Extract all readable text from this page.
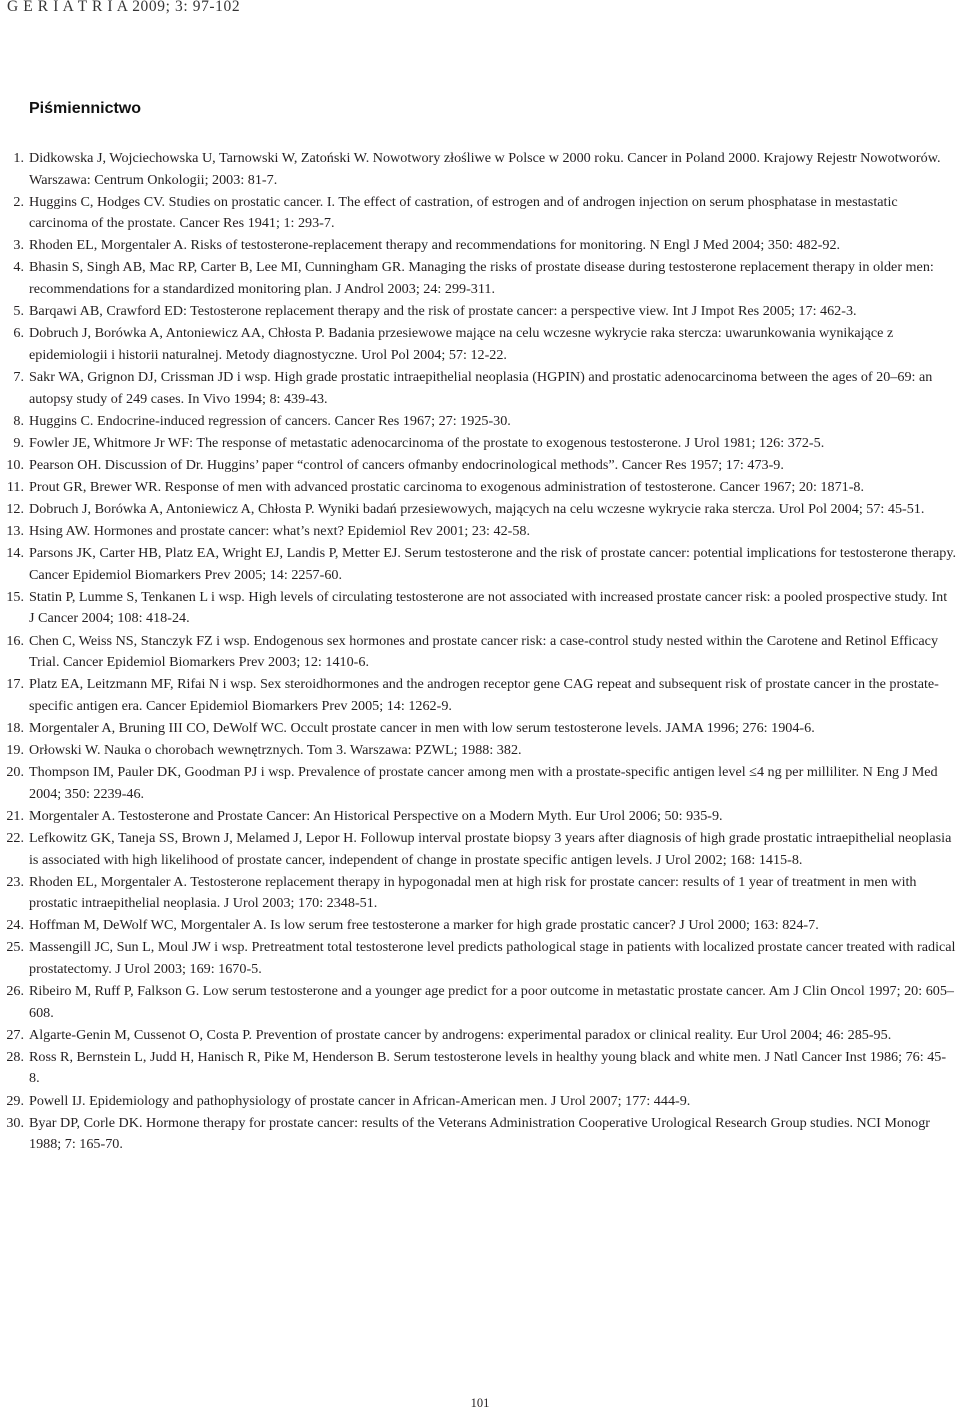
G E R I A T R I A 2009; 3: 97-102
Piśmiennictwo
1. Didkowska J, Wojciechowska U, Tarnowski W, Zatoński W. Nowotwory złośliwe w Polsce w 2000 roku. Cancer in Poland 2000. Krajowy Rejestr Nowotworów. Warszawa: Centrum Onkologii; 2003: 81-7.
2. Huggins C, Hodges CV. Studies on prostatic cancer. I. The effect of castration, of estrogen and of androgen injection on serum phosphatase in mestastatic carcinoma of the prostate. Cancer Res 1941; 1: 293-7.
3. Rhoden EL, Morgentaler A. Risks of testosterone-replacement therapy and recommendations for monitoring. N Engl J Med 2004; 350: 482-92.
4. Bhasin S, Singh AB, Mac RP, Carter B, Lee MI, Cunningham GR. Managing the risks of prostate disease during testosterone replacement therapy in older men: recommendations for a standardized monitoring plan. J Androl 2003; 24: 299-311.
5. Barqawi AB, Crawford ED: Testosterone replacement therapy and the risk of prostate cancer: a perspective view. Int J Impot Res 2005; 17: 462-3.
6. Dobruch J, Borówka A, Antoniewicz AA, Chłosta P. Badania przesiewowe mające na celu wczesne wykrycie raka stercza: uwarunkowania wynikające z epidemiologii i historii naturalnej. Metody diagnostyczne. Urol Pol 2004; 57: 12-22.
7. Sakr WA, Grignon DJ, Crissman JD i wsp. High grade prostatic intraepithelial neoplasia (HGPIN) and prostatic adenocarcinoma between the ages of 20–69: an autopsy study of 249 cases. In Vivo 1994; 8: 439-43.
8. Huggins C. Endocrine-induced regression of cancers. Cancer Res 1967; 27: 1925-30.
9. Fowler JE, Whitmore Jr WF: The response of metastatic adenocarcinoma of the prostate to exogenous testosterone. J Urol 1981; 126: 372-5.
10. Pearson OH. Discussion of Dr. Huggins’ paper “control of cancers ofmanby endocrinological methods”. Cancer Res 1957; 17: 473-9.
11. Prout GR, Brewer WR. Response of men with advanced prostatic carcinoma to exogenous administration of testosterone. Cancer 1967; 20: 1871-8.
12. Dobruch J, Borówka A, Antoniewicz A, Chłosta P. Wyniki badań przesiewowych, mających na celu wczesne wykrycie raka stercza. Urol Pol 2004; 57: 45-51.
13. Hsing AW. Hormones and prostate cancer: what’s next? Epidemiol Rev 2001; 23: 42-58.
14. Parsons JK, Carter HB, Platz EA, Wright EJ, Landis P, Metter EJ. Serum testosterone and the risk of prostate cancer: potential implications for testosterone therapy. Cancer Epidemiol Biomarkers Prev 2005; 14: 2257-60.
15. Statin P, Lumme S, Tenkanen L i wsp. High levels of circulating testosterone are not associated with increased prostate cancer risk: a pooled prospective study. Int J Cancer 2004; 108: 418-24.
16. Chen C, Weiss NS, Stanczyk FZ i wsp. Endogenous sex hormones and prostate cancer risk: a case-control study nested within the Carotene and Retinol Efficacy Trial. Cancer Epidemiol Biomarkers Prev 2003; 12: 1410-6.
17. Platz EA, Leitzmann MF, Rifai N i wsp. Sex steroidhormones and the androgen receptor gene CAG repeat and subsequent risk of prostate cancer in the prostate-specific antigen era. Cancer Epidemiol Biomarkers Prev 2005; 14: 1262-9.
18. Morgentaler A, Bruning III CO, DeWolf WC. Occult prostate cancer in men with low serum testosterone levels. JAMA 1996; 276: 1904-6.
19. Orłowski W. Nauka o chorobach wewnętrznych. Tom 3. Warszawa: PZWL; 1988: 382.
20. Thompson IM, Pauler DK, Goodman PJ i wsp. Prevalence of prostate cancer among men with a prostate-specific antigen level ≤4 ng per milliliter. N Eng J Med 2004; 350: 2239-46.
21. Morgentaler A. Testosterone and Prostate Cancer: An Historical Perspective on a Modern Myth. Eur Urol 2006; 50: 935-9.
22. Lefkowitz GK, Taneja SS, Brown J, Melamed J, Lepor H. Followup interval prostate biopsy 3 years after diagnosis of high grade prostatic intraepithelial neoplasia is associated with high likelihood of prostate cancer, independent of change in prostate specific antigen levels. J Urol 2002; 168: 1415-8.
23. Rhoden EL, Morgentaler A. Testosterone replacement therapy in hypogonadal men at high risk for prostate cancer: results of 1 year of treatment in men with prostatic intraepithelial neoplasia. J Urol 2003; 170: 2348-51.
24. Hoffman M, DeWolf WC, Morgentaler A. Is low serum free testosterone a marker for high grade prostatic cancer? J Urol 2000; 163: 824-7.
25. Massengill JC, Sun L, Moul JW i wsp. Pretreatment total testosterone level predicts pathological stage in patients with localized prostate cancer treated with radical prostatectomy. J Urol 2003; 169: 1670-5.
26. Ribeiro M, Ruff P, Falkson G. Low serum testosterone and a younger age predict for a poor outcome in metastatic prostate cancer. Am J Clin Oncol 1997; 20: 605–608.
27. Algarte-Genin M, Cussenot O, Costa P. Prevention of prostate cancer by androgens: experimental paradox or clinical reality. Eur Urol 2004; 46: 285-95.
28. Ross R, Bernstein L, Judd H, Hanisch R, Pike M, Henderson B. Serum testosterone levels in healthy young black and white men. J Natl Cancer Inst 1986; 76: 45-8.
29. Powell IJ. Epidemiology and pathophysiology of prostate cancer in African-American men. J Urol 2007; 177: 444-9.
30. Byar DP, Corle DK. Hormone therapy for prostate cancer: results of the Veterans Administration Cooperative Urological Research Group studies. NCI Monogr 1988; 7: 165-70.
101
